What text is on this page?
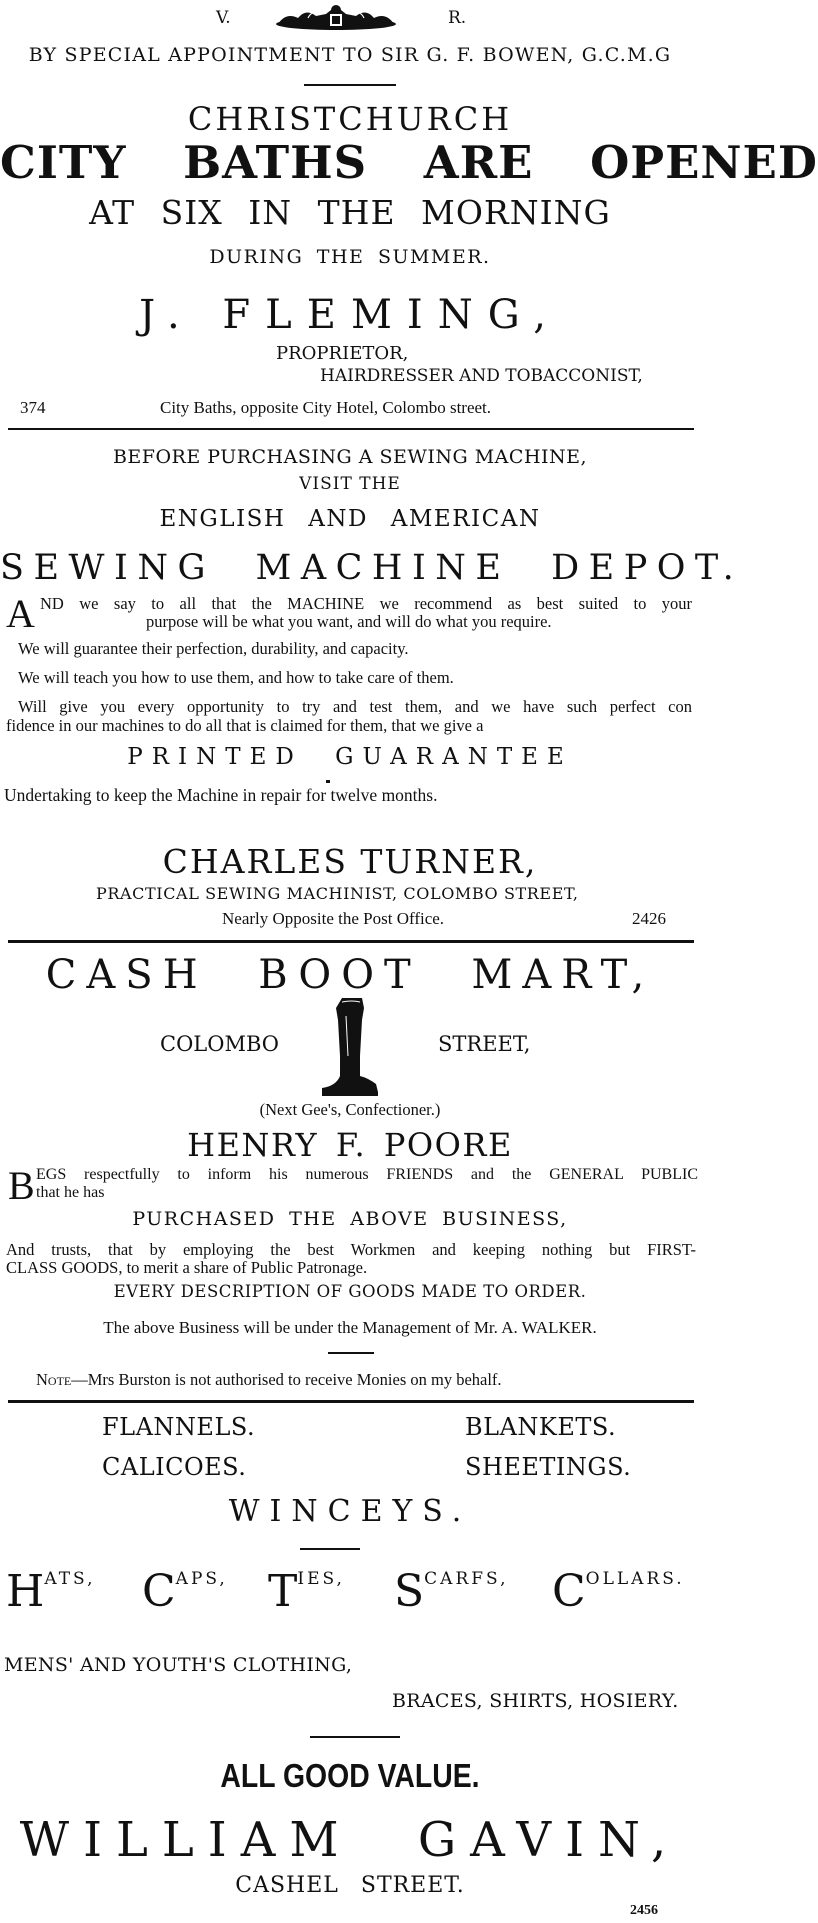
V.	R.
BY SPECIAL APPOINTMENT TO SIR G. F. BOWEN, G.C.M.G
CHRISTCHURCH
CITY BATHS ARE OPENED
AT SIX IN THE MORNING
DURING THE SUMMER.
J. FLEMING,
PROPRIETOR,
HAIRDRESSER AND TOBACCONIST,
374	City Baths, opposite City Hotel, Colombo street.
BEFORE PURCHASING A SEWING MACHINE,
VISIT THE
ENGLISH AND AMERICAN
SEWING MACHINE DEPOT.
A ND we say to all that the MACHINE we recommend as best suited to your
purpose will be what you want, and will do what you require.
We will guarantee their perfection, durability, and capacity.
We will teach you how to use them, and how to take care of them.
Will give you every opportunity to try and test them, and we have such perfect con
fidence in our machines to do all that is claimed for them, that we give a
PRINTED GUARANTEE
Undertaking to keep the Machine in repair for twelve months.
CHARLES TURNER,
PRACTICAL SEWING MACHINIST, COLOMBO STREET,
Nearly Opposite the Post Office.	2426
CASH BOOT MART,
COLOMBO	STREET,
(Next Gee's, Confectioner.)
HENRY F. POORE
B EGS respectfully to inform his numerous FRIENDS and the GENERAL PUBLIC
that he has
PURCHASED THE ABOVE BUSINESS,
And trusts, that by employing the best Workmen and keeping nothing but FIRST-
CLASS GOODS, to merit a share of Public Patronage.
EVERY DESCRIPTION OF GOODS MADE TO ORDER.
The above Business will be under the Management of Mr. A. WALKER.
Note—Mrs Burston is not authorised to receive Monies on my behalf.
FLANNELS.	BLANKETS.
CALICOES.	SHEETINGS.
WINCEYS.
HATS, CAPS, TIES, SCARFS, COLLARS.
MENS' AND YOUTH'S CLOTHING,
BRACES, SHIRTS, HOSIERY.
ALL GOOD VALUE.
WILLIAM GAVIN,
CASHEL STREET.
2456
